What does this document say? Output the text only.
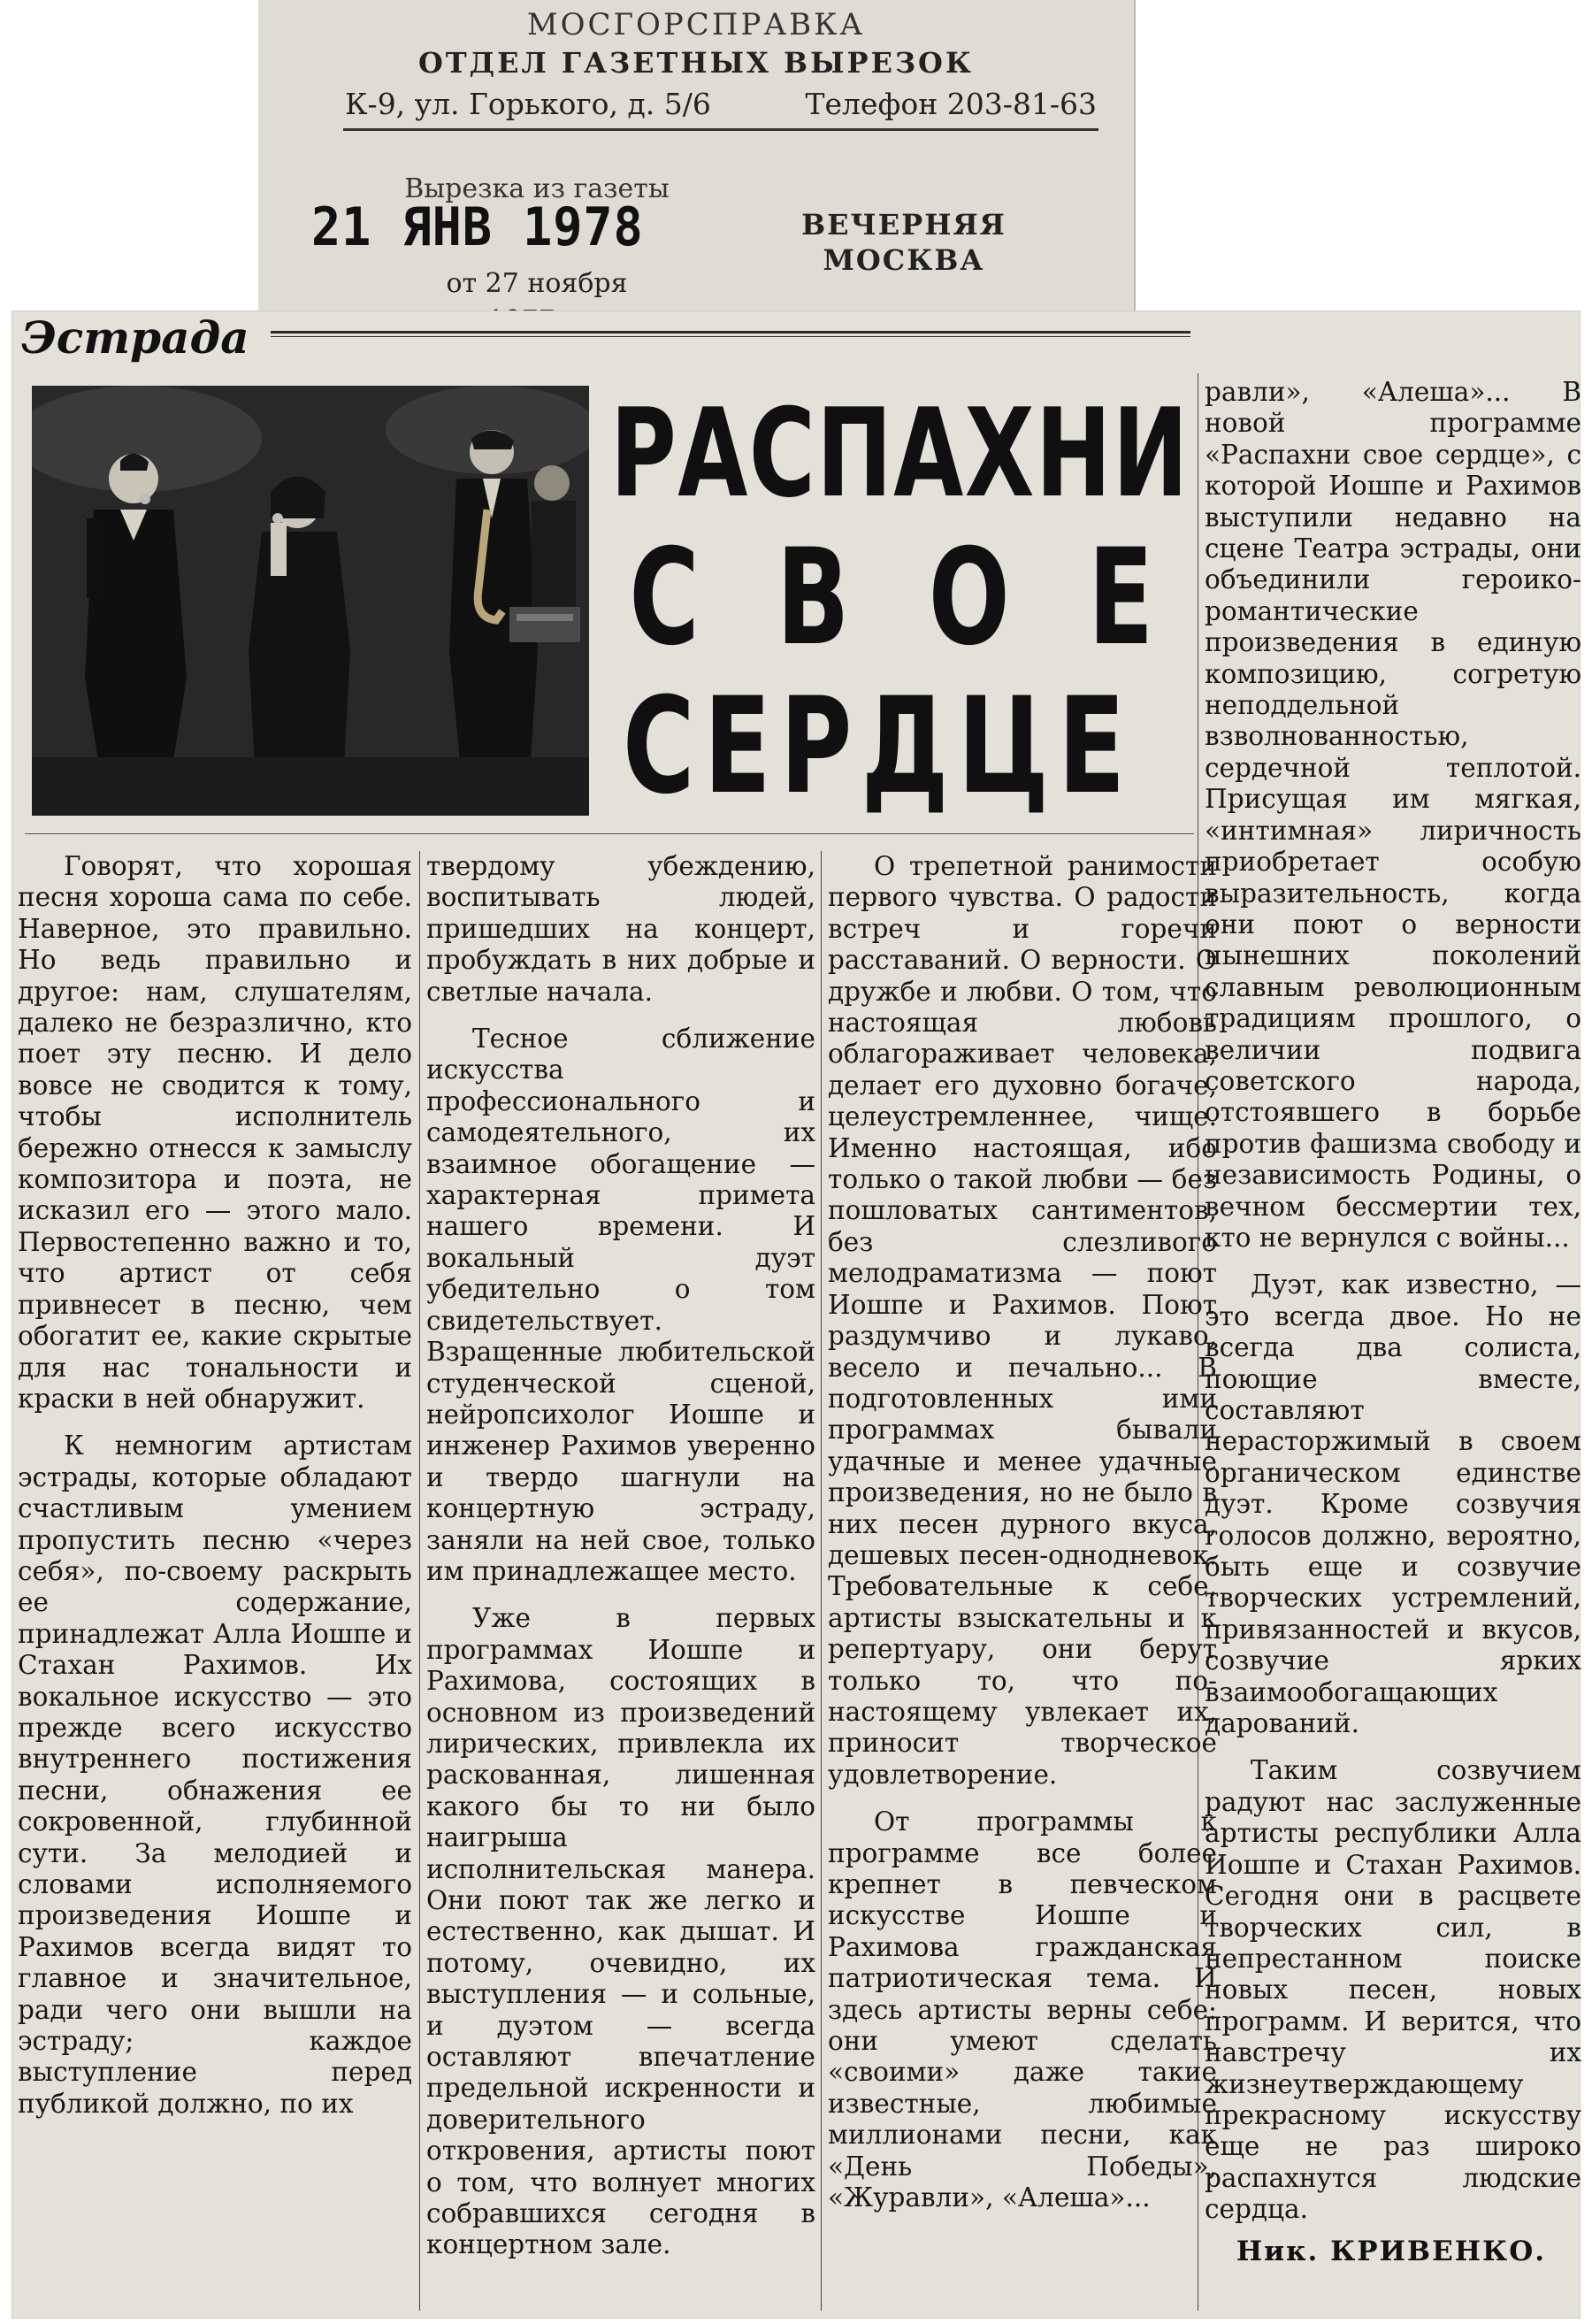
МОСГОРСПРАВКА
ОТДЕЛ ГАЗЕТНЫХ ВЫРЕЗОК
К-9, ул. Горького, д. 5/6	Телефон 203-81-63
Вырезка из газеты
21 ЯНВ 1978
от 27 ноября
ВЕЧЕРНЯЯ МОСКВА
Эстрада
РАСПАХНИ
С В О Е
СЕРДЦЕ

Говорят, что хорошая песня хороша сама по себе. Наверное, это правильно. Но ведь правильно и другое: нам, слушателям, далеко не безразлично, кто поет эту песню. И дело вовсе не сводится к тому, чтобы исполнитель бережно отнесся к замыслу композитора и поэта, не исказил его — этого мало. Первостепенно важно и то, что артист от себя привнесет в песню, чем обогатит ее, какие скрытые для нас тональности и краски в ней обнаружит.

К немногим артистам эстрады, которые обладают счастливым умением пропустить песню «через себя», по-своему раскрыть ее содержание, принадлежат Алла Иошпе и Стахан Рахимов. Их вокальное искусство — это прежде всего искусство внутреннего постижения песни, обнажения ее сокровенной, глубинной сути. За мелодией и словами исполняемого произведения Иошпе и Рахимов всегда видят то главное и значительное, ради чего они вышли на эстраду; каждое выступление перед публикой должно, по их

твердому убеждению, воспитывать людей, пришедших на концерт, пробуждать в них добрые и светлые начала.

Тесное сближение искусства профессионального и самодеятельного, их взаимное обогащение — характерная примета нашего времени. И вокальный дуэт убедительно о том свидетельствует. Взращенные любительской студенческой сценой, нейропсихолог Иошпе и инженер Рахимов уверенно и твердо шагнули на концертную эстраду, заняли на ней свое, только им принадлежащее место.

Уже в первых программах Иошпе и Рахимова, состоящих в основном из произведений лирических, привлекла их раскованная, лишенная какого бы то ни было наигрыша исполнительская манера. Они поют так же легко и естественно, как дышат. И потому, очевидно, их выступления — и сольные, и дуэтом — всегда оставляют впечатление предельной искренности и доверительного откровения, артисты поют о том, что волнует многих собравшихся сегодня в концертном зале.

О трепетной ранимости первого чувства. О радости встреч и горечи расставаний. О верности. О дружбе и любви. О том, что настоящая любовь облагораживает человека, делает его духовно богаче, целеустремленнее, чище. Именно настоящая, ибо только о такой любви — без пошловатых сантиментов, без слезливого мелодраматизма — поют Иошпе и Рахимов. Поют раздумчиво и лукаво, весело и печально... В подготовленных ими программах бывали удачные и менее удачные произведения, но не было в них песен дурного вкуса, дешевых песен-однодневок. Требовательные к себе, артисты взыскательны и к репертуару, они берут только то, что по-настоящему увлекает их, приносит творческое удовлетворение.

От программы к программе все более крепнет в певческом искусстве Иошпе и Рахимова гражданская патриотическая тема. И здесь артисты верны себе: они умеют сделать «своими» даже такие известные, любимые миллионами песни, как «День Победы», «Журавли», «Алеша»...

равли», «Алеша»... В новой программе «Распахни свое сердце», с которой Иошпе и Рахимов выступили недавно на сцене Театра эстрады, они объединили героико-романтические произведения в единую композицию, согретую неподдельной взволнованностью, сердечной теплотой. Присущая им мягкая, «интимная» лиричность приобретает особую выразительность, когда они поют о верности нынешних поколений славным революционным традициям прошлого, о величии подвига советского народа, отстоявшего в борьбе против фашизма свободу и независимость Родины, о вечном бессмертии тех, кто не вернулся с войны...

Дуэт, как известно, — это всегда двое. Но не всегда два солиста, поющие вместе, составляют нерасторжимый в своем органическом единстве дуэт. Кроме созвучия голосов должно, вероятно, быть еще и созвучие творческих устремлений, привязанностей и вкусов, созвучие ярких взаимообогащающих дарований.

Таким созвучием радуют нас заслуженные артисты республики Алла Иошпе и Стахан Рахимов. Сегодня они в расцвете творческих сил, в непрестанном поиске новых песен, новых программ. И верится, что навстречу их жизнеутверждающему прекрасному искусству еще не раз широко распахнутся людские сердца.

Ник. КРИВЕНКО.
